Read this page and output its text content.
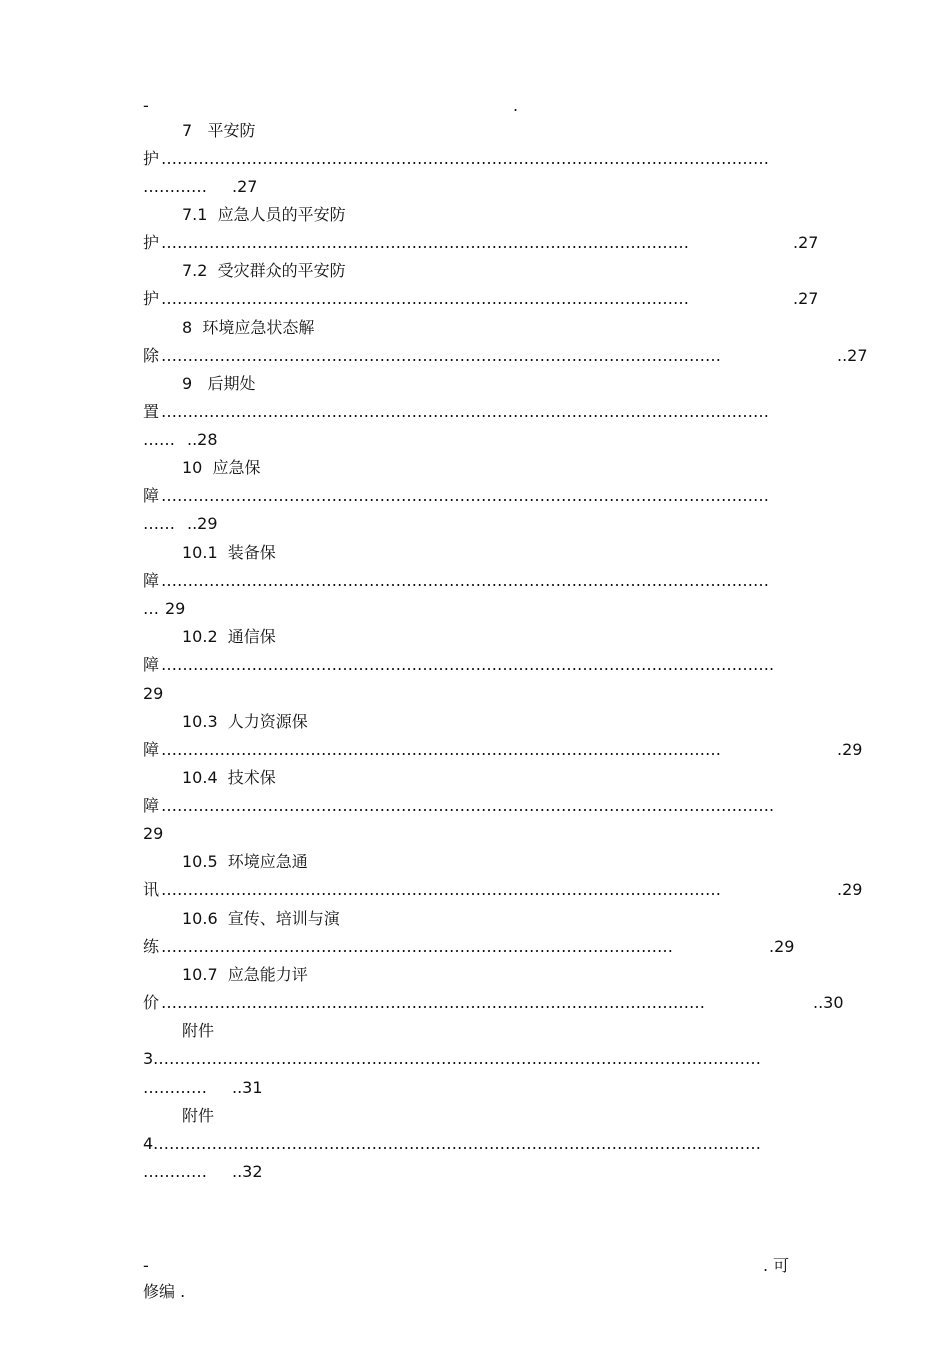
-	.
7   平安防
护 ……………………………………………………………………………………………………
………… .27
7.1  应急人员的平安防
护 ………………………………………………………………………………………	.27
7.2  受灾群众的平安防
护 ………………………………………………………………………………………	.27
8  环境应急状态解
除 ……………………………………………………………………………………………	..27
9   后期处
置 ……………………………………………………………………………………………………
…… ..28
10  应急保
障 ……………………………………………………………………………………………………
…… ..29
10.1  装备保
障 ……………………………………………………………………………………………………
… 29
10.2  通信保
障 …………………………………………………………………………………………………….
29
10.3  人力资源保
障 ……………………………………………………………………………………………	.29
10.4  技术保
障 …………………………………………………………………………………………………….
29
10.5  环境应急通
讯 ……………………………………………………………………………………………	.29
10.6  宣传、培训与演
练 ……………………………………………………………………………………	.29
10.7  应急能力评
价 …………………………………………………………………………………………	..30
附件
3 ……………………………………………………………………………………………………
………… ..31
附件
4 ……………………………………………………………………………………………………
………… ..32
-	. 可
修编 .
